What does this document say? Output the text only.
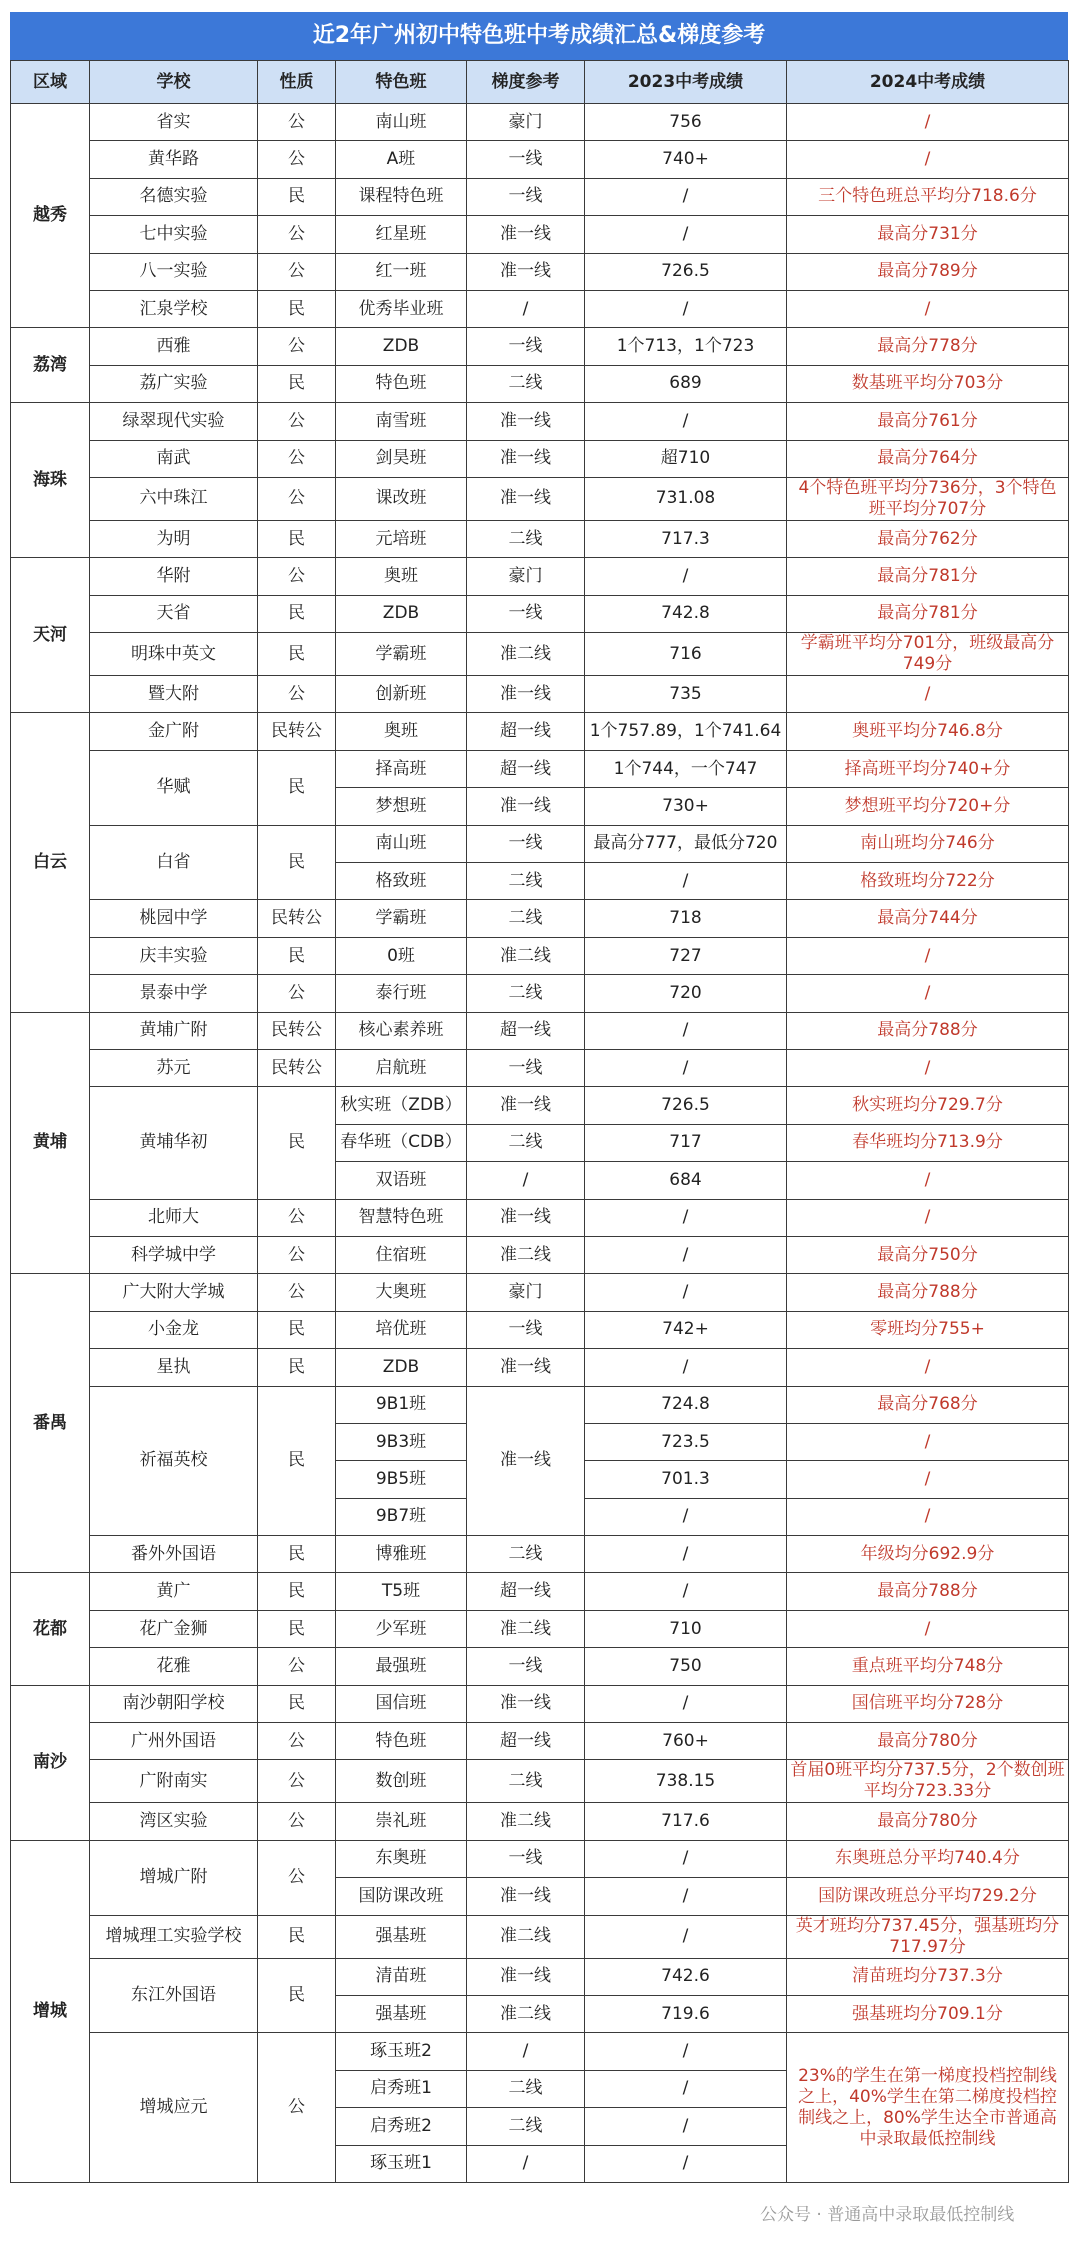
近2年广州初中特色班中考成绩汇总&梯度参考
区域	学校	性质	特色班	梯度参考	2023中考成绩	2024中考成绩
越秀	省实	公	南山班	豪门	756	/
	黄华路	公	A班	一线	740+	/
	名德实验	民	课程特色班	一线	/	三个特色班总平均分718.6分
	七中实验	公	红星班	准一线	/	最高分731分
	八一实验	公	红一班	准一线	726.5	最高分789分
	汇泉学校	民	优秀毕业班	/	/	/
荔湾	西雅	公	ZDB	一线	1个713，1个723	最高分778分
	荔广实验	民	特色班	二线	689	数基班平均分703分
海珠	绿翠现代实验	公	南雪班	准一线	/	最高分761分
	南武	公	剑昊班	准一线	超710	最高分764分
	六中珠江	公	课改班	准一线	731.08	4个特色班平均分736分，3个特色班平均分707分
	为明	民	元培班	二线	717.3	最高分762分
天河	华附	公	奥班	豪门	/	最高分781分
	天省	民	ZDB	一线	742.8	最高分781分
	明珠中英文	民	学霸班	准二线	716	学霸班平均分701分，班级最高分749分
	暨大附	公	创新班	准一线	735	/
白云	金广附	民转公	奥班	超一线	1个757.89，1个741.64	奥班平均分746.8分
	华赋	民	择高班	超一线	1个744，一个747	择高班平均分740+分
			梦想班	准一线	730+	梦想班平均分720+分
	白省	民	南山班	一线	最高分777，最低分720	南山班均分746分
			格致班	二线	/	格致班均分722分
	桃园中学	民转公	学霸班	二线	718	最高分744分
	庆丰实验	民	0班	准二线	727	/
	景泰中学	公	泰行班	二线	720	/
黄埔	黄埔广附	民转公	核心素养班	超一线	/	最高分788分
	苏元	民转公	启航班	一线	/	/
	黄埔华初	民	秋实班（ZDB）	准一线	726.5	秋实班均分729.7分
			春华班（CDB）	二线	717	春华班均分713.9分
			双语班	/	684	/
	北师大	公	智慧特色班	准一线	/	/
	科学城中学	公	住宿班	准二线	/	最高分750分
番禺	广大附大学城	公	大奥班	豪门	/	最高分788分
	小金龙	民	培优班	一线	742+	零班均分755+
	星执	民	ZDB	准一线	/	/
	祈福英校	民	9B1班	准一线	724.8	最高分768分
			9B3班		723.5	/
			9B5班		701.3	/
			9B7班		/	/
	番外外国语	民	博雅班	二线	/	年级均分692.9分
花都	黄广	民	T5班	超一线	/	最高分788分
	花广金狮	民	少军班	准二线	710	/
	花雅	公	最强班	一线	750	重点班平均分748分
南沙	南沙朝阳学校	民	国信班	准一线	/	国信班平均分728分
	广州外国语	公	特色班	超一线	760+	最高分780分
	广附南实	公	数创班	二线	738.15	首届0班平均分737.5分，2个数创班平均分723.33分
	湾区实验	公	崇礼班	准二线	717.6	最高分780分
增城	增城广附	公	东奥班	一线	/	东奥班总分平均740.4分
			国防课改班	准一线	/	国防课改班总分平均729.2分
	增城理工实验学校	民	强基班	准二线	/	英才班均分737.45分，强基班均分717.97分
	东江外国语	民	清苗班	准一线	742.6	清苗班均分737.3分
			强基班	准二线	719.6	强基班均分709.1分
	增城应元	公	琢玉班2	/	/	23%的学生在第一梯度投档控制线之上，40%学生在第二梯度投档控制线之上，80%学生达全市普通高中录取最低控制线
			启秀班1	二线	/	
			启秀班2	二线	/	
			琢玉班1	/	/	
公众号 · 普通高中录取最低控制线
